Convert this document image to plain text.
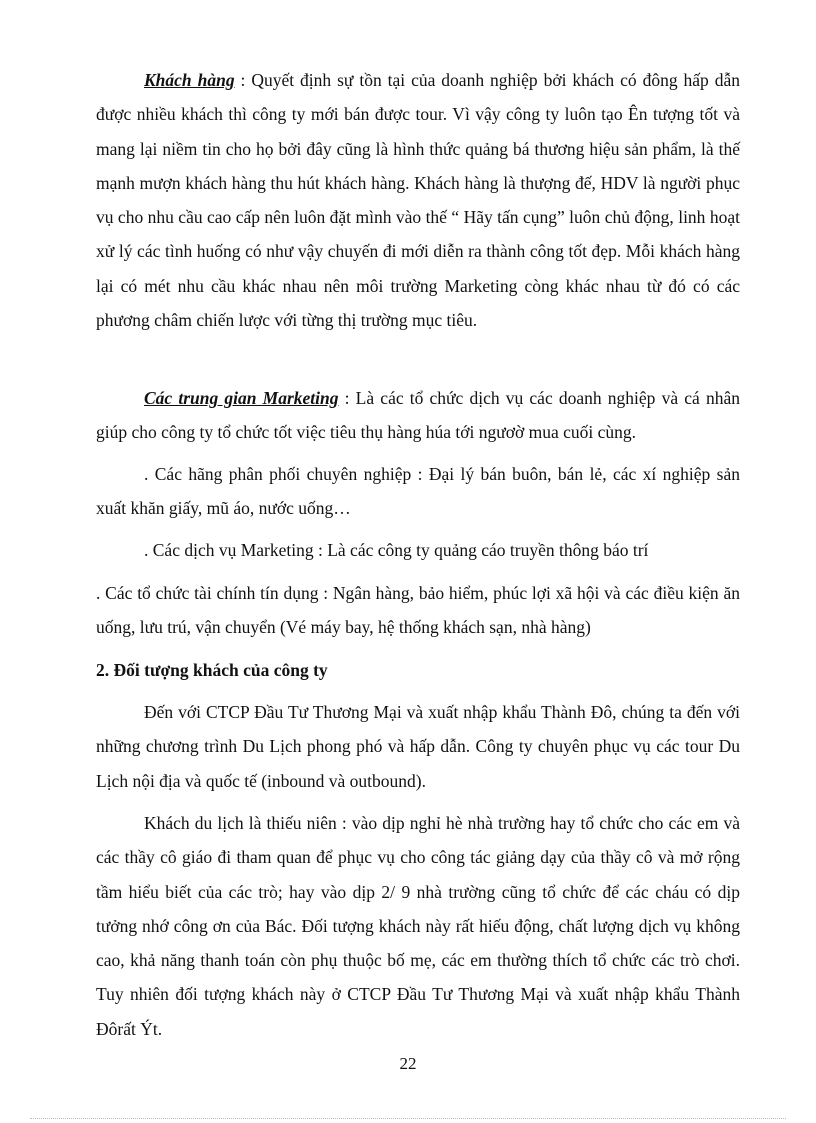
Khách hàng : Quyết định sự tồn tại của doanh nghiệp bởi khách có đông hấp dẫn được nhiều khách thì công ty mới bán được tour. Vì vậy công ty luôn tạo Ên tượng tốt và mang lại niềm tin cho họ bởi đây cũng là hình thức quảng bá thương hiệu sản phẩm, là thế mạnh mượn khách hàng thu hút khách hàng. Khách hàng là thượng đế, HDV là người phục vụ cho nhu cầu cao cấp nên luôn đặt mình vào thế “ Hãy tấn cụng” luôn chủ động, linh hoạt xử lý các tình huống có như vậy chuyến đi mới diễn ra thành công tốt đẹp. Mỗi khách hàng lại có mét nhu cầu khác nhau nên môi trường Marketing còng khác nhau từ đó có các phương châm chiến lược với từng thị trường mục tiêu.

Các trung gian Marketing : Là các tổ chức dịch vụ các doanh nghiệp và cá nhân giúp cho công ty tổ chức tốt việc tiêu thụ hàng húa tới ngươờ mua cuối cùng.

. Các hãng phân phối chuyên nghiệp : Đại lý bán buôn, bán lẻ, các xí nghiệp sản xuất khăn giấy, mũ áo, nước uống…

. Các dịch vụ Marketing : Là các công ty quảng cáo truyền thông báo trí

. Các tổ chức tài chính tín dụng : Ngân hàng, bảo hiểm, phúc lợi xã hội và các điều kiện ăn uống, lưu trú, vận chuyển (Vé máy bay, hệ thống khách sạn, nhà hàng)

2. Đối tượng khách của công ty

Đến với CTCP Đầu Tư Thương Mại và xuất nhập khẩu Thành Đô, chúng ta đến với những chương trình Du Lịch phong phó và hấp dẫn. Công ty chuyên phục vụ các tour Du Lịch nội địa và quốc tế (inbound và outbound).

Khách du lịch là thiếu niên : vào dịp nghỉ hè nhà trường hay tổ chức cho các em và các thầy cô giáo đi tham quan để phục vụ cho công tác giảng dạy của thầy cô và mở rộng tầm hiểu biết của các trò; hay vào dịp 2/ 9 nhà trường cũng tổ chức để các cháu có dịp tưởng nhớ công ơn của Bác. Đối tượng khách này rất hiếu động, chất lượng dịch vụ không cao, khả năng thanh toán còn phụ thuộc bố mẹ, các em thường thích tổ chức các trò chơi. Tuy nhiên đối tượng khách này ở CTCP Đầu Tư Thương Mại và xuất nhập khẩu Thành Đôrất Ýt.

22
